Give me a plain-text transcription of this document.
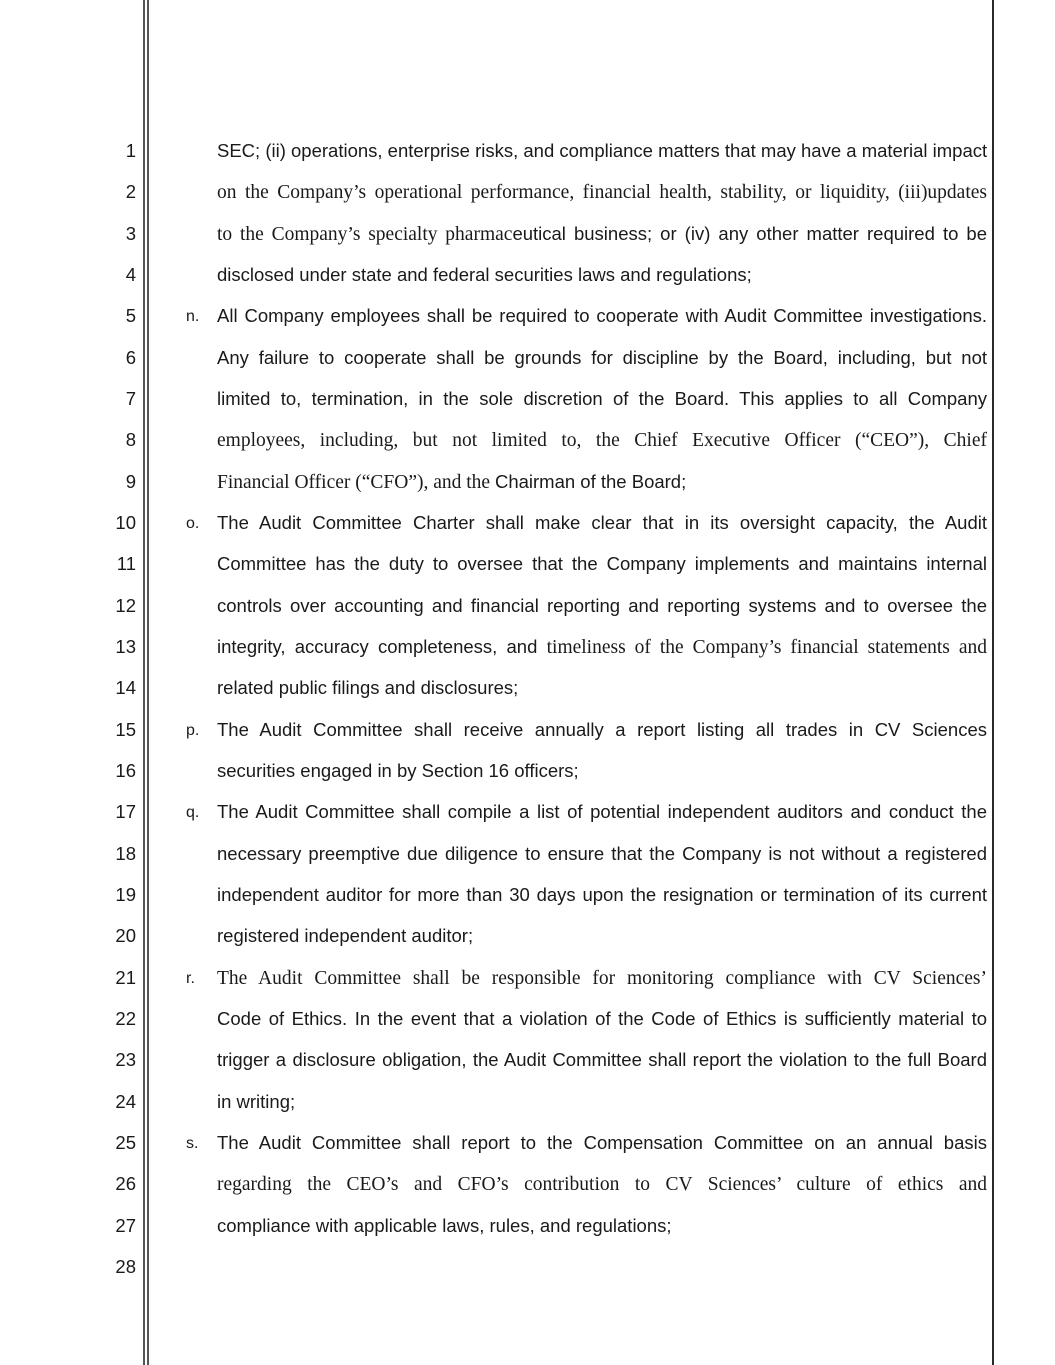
1
2
3
4
5
6
7
8
9
10
11
12
13
14
15
16
17
18
19
20
21
22
23
24
25
26
27
28
SEC; (ii) operations, enterprise risks, and compliance matters that may have a material impact
on the Company’s operational performance, financial health, stability, or liquidity, (iii)updates
to the Company’s specialty pharmaceutical business; or (iv) any other matter required to be
disclosed under state and federal securities laws and regulations;
n. All Company employees shall be required to cooperate with Audit Committee investigations.
Any failure to cooperate shall be grounds for discipline by the Board, including, but not
limited to, termination, in the sole discretion of the Board. This applies to all Company
employees, including, but not limited to, the Chief Executive Officer (“CEO”), Chief
Financial Officer (“CFO”), and the Chairman of the Board;
o. The Audit Committee Charter shall make clear that in its oversight capacity, the Audit
Committee has the duty to oversee that the Company implements and maintains internal
controls over accounting and financial reporting and reporting systems and to oversee the
integrity, accuracy completeness, and timeliness of the Company’s financial statements and
related public filings and disclosures;
p. The Audit Committee shall receive annually a report listing all trades in CV Sciences
securities engaged in by Section 16 officers;
q. The Audit Committee shall compile a list of potential independent auditors and conduct the
necessary preemptive due diligence to ensure that the Company is not without a registered
independent auditor for more than 30 days upon the resignation or termination of its current
registered independent auditor;
r. The Audit Committee shall be responsible for monitoring compliance with CV Sciences’
Code of Ethics. In the event that a violation of the Code of Ethics is sufficiently material to
trigger a disclosure obligation, the Audit Committee shall report the violation to the full Board
in writing;
s. The Audit Committee shall report to the Compensation Committee on an annual basis
regarding the CEO’s and CFO’s contribution to CV Sciences’ culture of ethics and
compliance with applicable laws, rules, and regulations;
